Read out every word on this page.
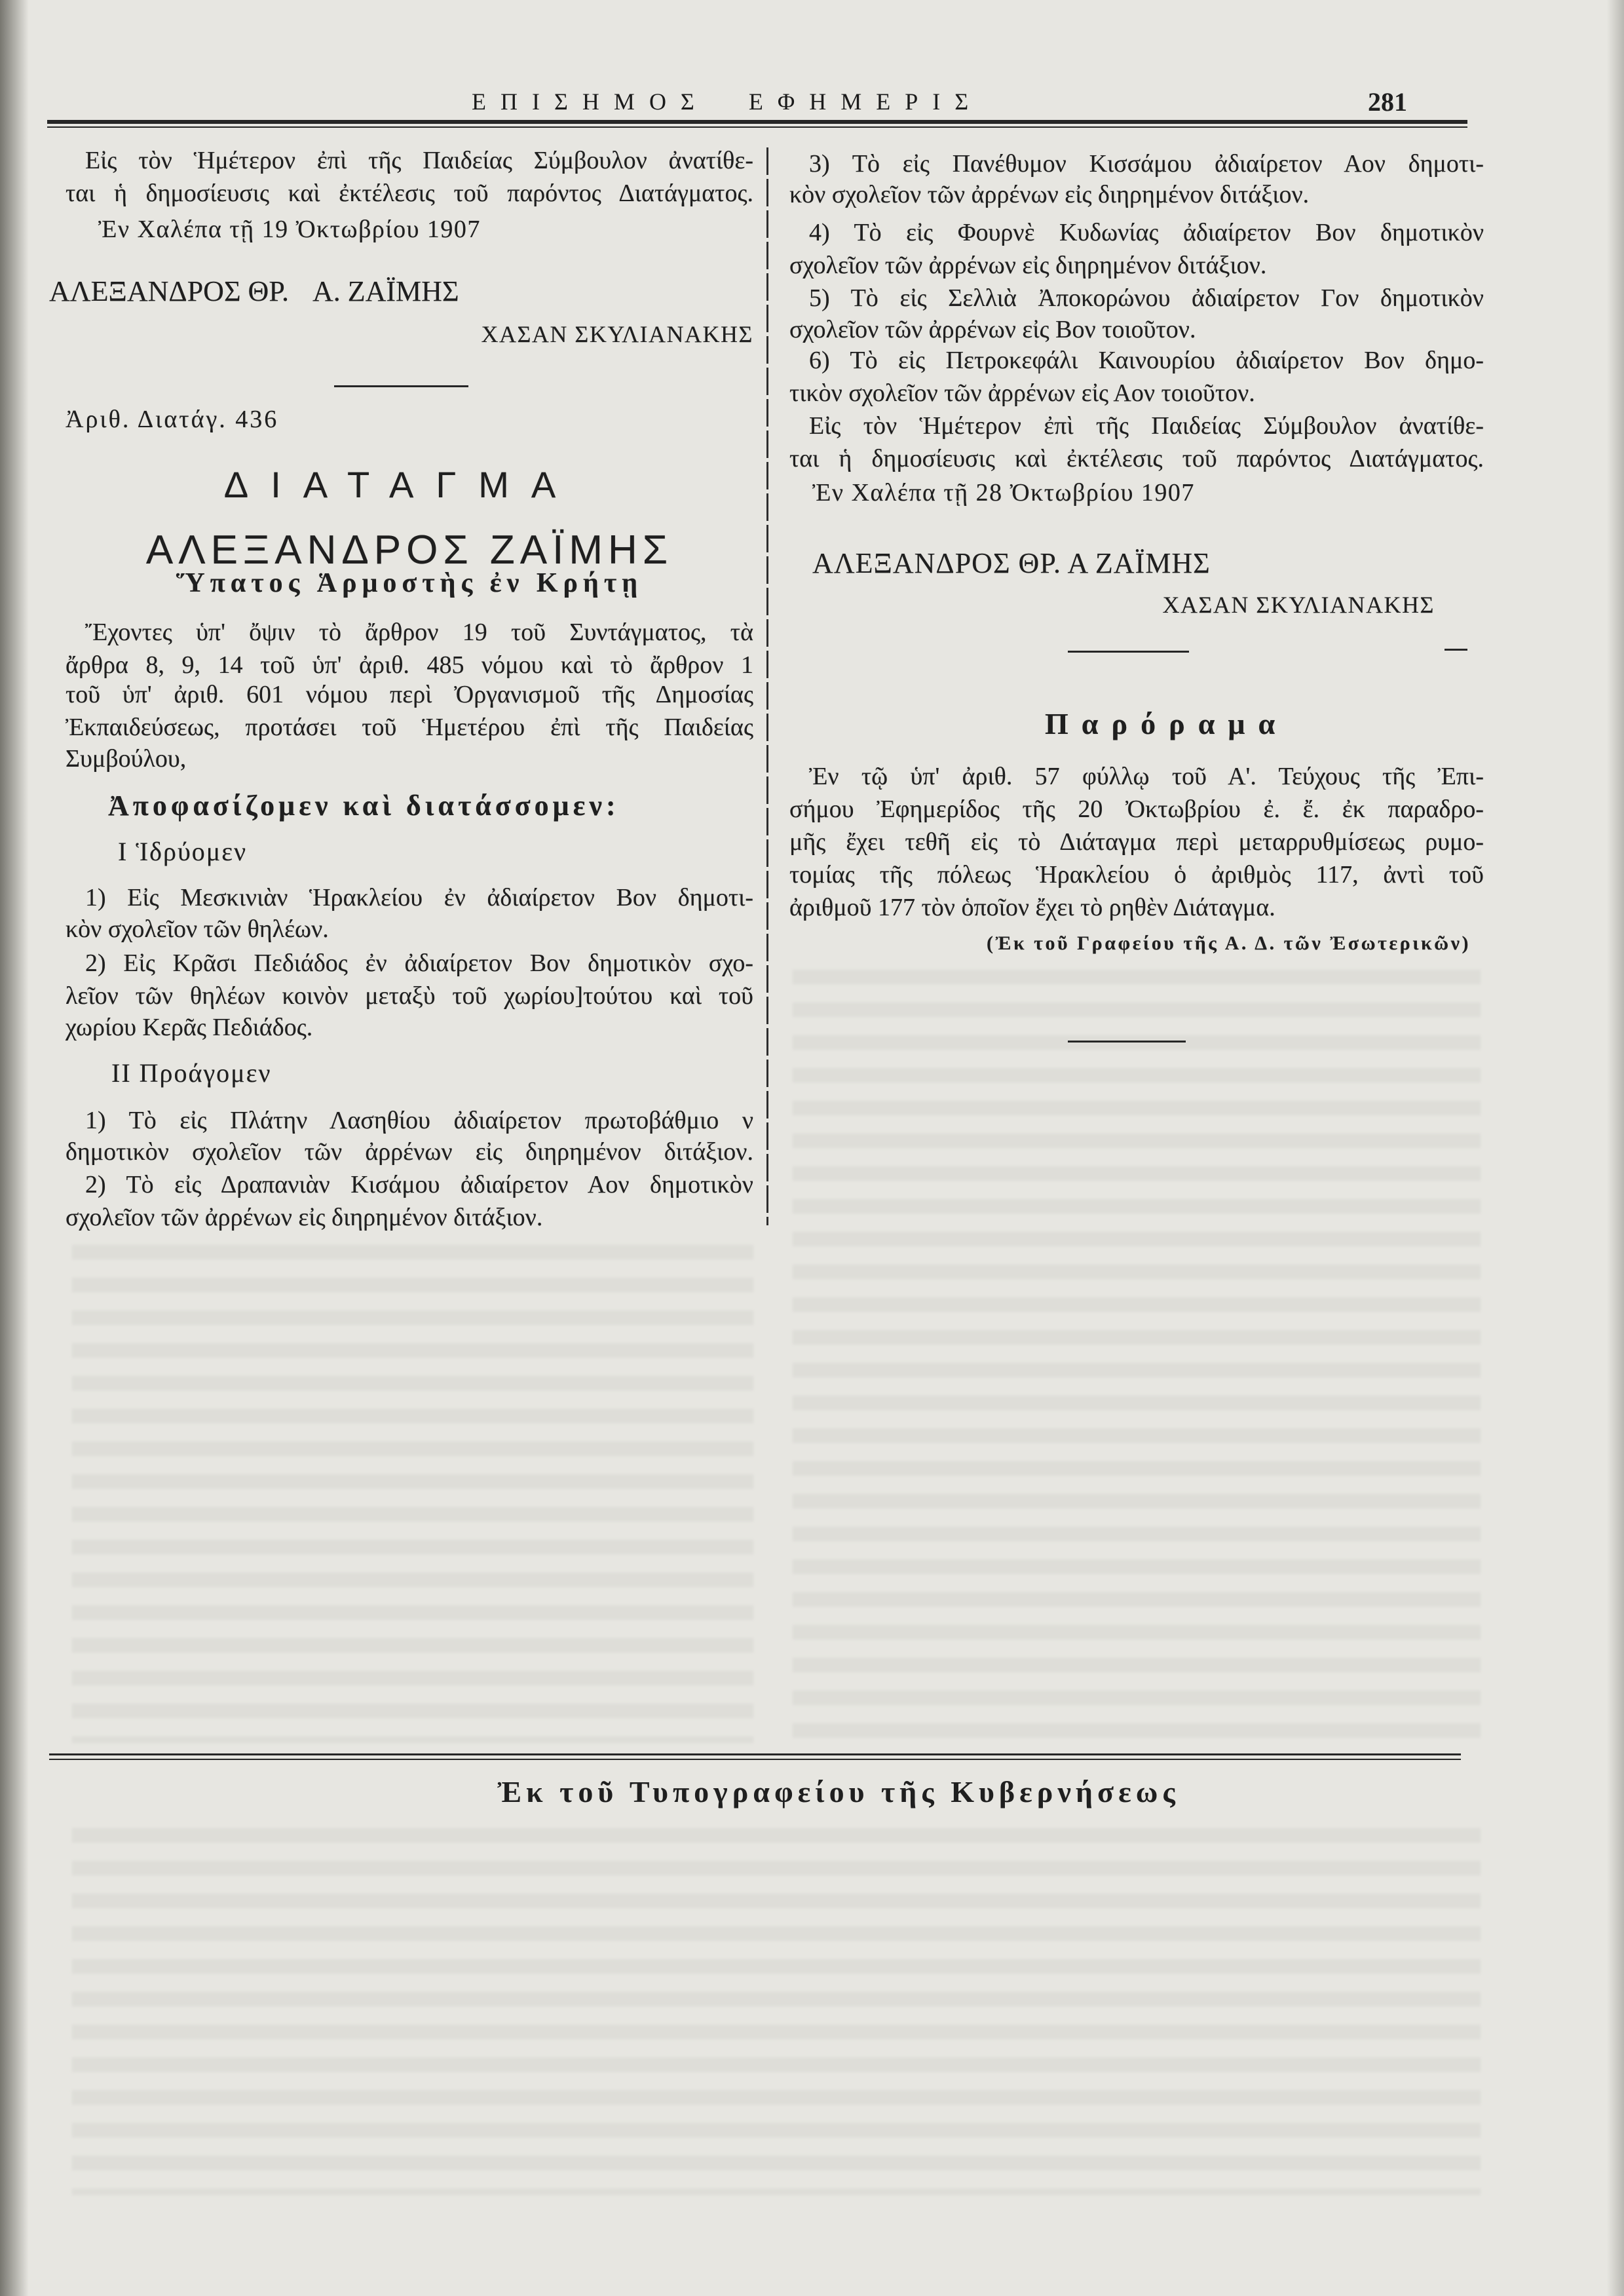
ΕΠΙΣΗΜΟΣ ΕΦΗΜΕΡΙΣ	281
Εἰς τὸν Ἡμέτερον ἐπὶ τῆς Παιδείας Σύμβουλον ἀνατίθε-
ται ἡ δημοσίευσις καὶ ἐκτέλεσις τοῦ παρόντος Διατάγματος.
Ἐν Χαλέπα τῇ 19 Ὀκτωβρίου 1907
ΑΛΕΞΑΝΔΡΟΣ ΘΡ. Α. ΖΑΪΜΗΣ
ΧΑΣΑΝ ΣΚΥΛΙΑΝΑΚΗΣ
Ἀριθ. Διατάγ. 436
ΔΙΑΤΑΓΜΑ
ΑΛΕΞΑΝΔΡΟΣ ΖΑΪΜΗΣ
Ὕπατος Ἁρμοστὴς ἐν Κρήτῃ
Ἔχοντες ὑπ' ὄψιν τὸ ἄρθρον 19 τοῦ Συντάγματος, τὰ
ἄρθρα 8, 9, 14 τοῦ ὑπ' ἀριθ. 485 νόμου καὶ τὸ ἄρθρον 1
τοῦ ὑπ' ἀριθ. 601 νόμου περὶ Ὀργανισμοῦ τῆς Δημοσίας
Ἐκπαιδεύσεως, προτάσει τοῦ Ἡμετέρου ἐπὶ τῆς Παιδείας
Συμβούλου,
Ἀποφασίζομεν καὶ διατάσσομεν:
Ι Ἱδρύομεν
1) Εἰς Μεσκινιὰν Ἡρακλείου ἐν ἀδιαίρετον Βον δημοτι-
κὸν σχολεῖον τῶν θηλέων.
2) Εἰς Κρᾶσι Πεδιάδος ἐν ἀδιαίρετον Βον δημοτικὸν σχο-
λεῖον τῶν θηλέων κοινὸν μεταξὺ τοῦ χωρίου]τούτου καὶ τοῦ
χωρίου Κερᾶς Πεδιάδος.
ΙΙ Προάγομεν
1) Τὸ εἰς Πλάτην Λασηθίου ἀδιαίρετον πρωτοβάθμιο ν
δημοτικὸν σχολεῖον τῶν ἀρρένων εἰς διηρημένον διτάξιον.
2) Τὸ εἰς Δραπανιὰν Κισάμου ἀδιαίρετον Αον δημοτικὸν
σχολεῖον τῶν ἀρρένων εἰς διηρημένον διτάξιον.
3) Τὸ εἰς Πανέθυμον Κισσάμου ἀδιαίρετον Αον δημοτι-
κὸν σχολεῖον τῶν ἀρρένων εἰς διηρημένον διτάξιον.
4) Τὸ εἰς Φουρνὲ Κυδωνίας ἀδιαίρετον Βον δημοτικὸν
σχολεῖον τῶν ἀρρένων εἰς διηρημένον διτάξιον.
5) Τὸ εἰς Σελλιὰ Ἀποκορώνου ἀδιαίρετον Γον δημοτικὸν
σχολεῖον τῶν ἀρρένων εἰς Βον τοιοῦτον.
6) Τὸ εἰς Πετροκεφάλι Καινουρίου ἀδιαίρετον Βον δημο-
τικὸν σχολεῖον τῶν ἀρρένων εἰς Αον τοιοῦτον.
Εἰς τὸν Ἡμέτερον ἐπὶ τῆς Παιδείας Σύμβουλον ἀνατίθε-
ται ἡ δημοσίευσις καὶ ἐκτέλεσις τοῦ παρόντος Διατάγματος.
Ἐν Χαλέπα τῇ 28 Ὀκτωβρίου 1907
ΑΛΕΞΑΝΔΡΟΣ ΘΡ. Α ΖΑΪΜΗΣ
ΧΑΣΑΝ ΣΚΥΛΙΑΝΑΚΗΣ
Παρόραμα
Ἐν τῷ ὑπ' ἀριθ. 57 φύλλῳ τοῦ Α'. Τεύχους τῆς Ἐπι-
σήμου Ἐφημερίδος τῆς 20 Ὀκτωβρίου ἐ. ἔ. ἐκ παραδρο-
μῆς ἔχει τεθῆ εἰς τὸ Διάταγμα περὶ μεταρρυθμίσεως ρυμο-
τομίας τῆς πόλεως Ἡρακλείου ὁ ἀριθμὸς 117, ἀντὶ τοῦ
ἀριθμοῦ 177 τὸν ὁποῖον ἔχει τὸ ρηθὲν Διάταγμα.
(Ἐκ τοῦ Γραφείου τῆς Α. Δ. τῶν Ἐσωτερικῶν)
Ἐκ τοῦ Τυπογραφείου τῆς Κυβερνήσεως
